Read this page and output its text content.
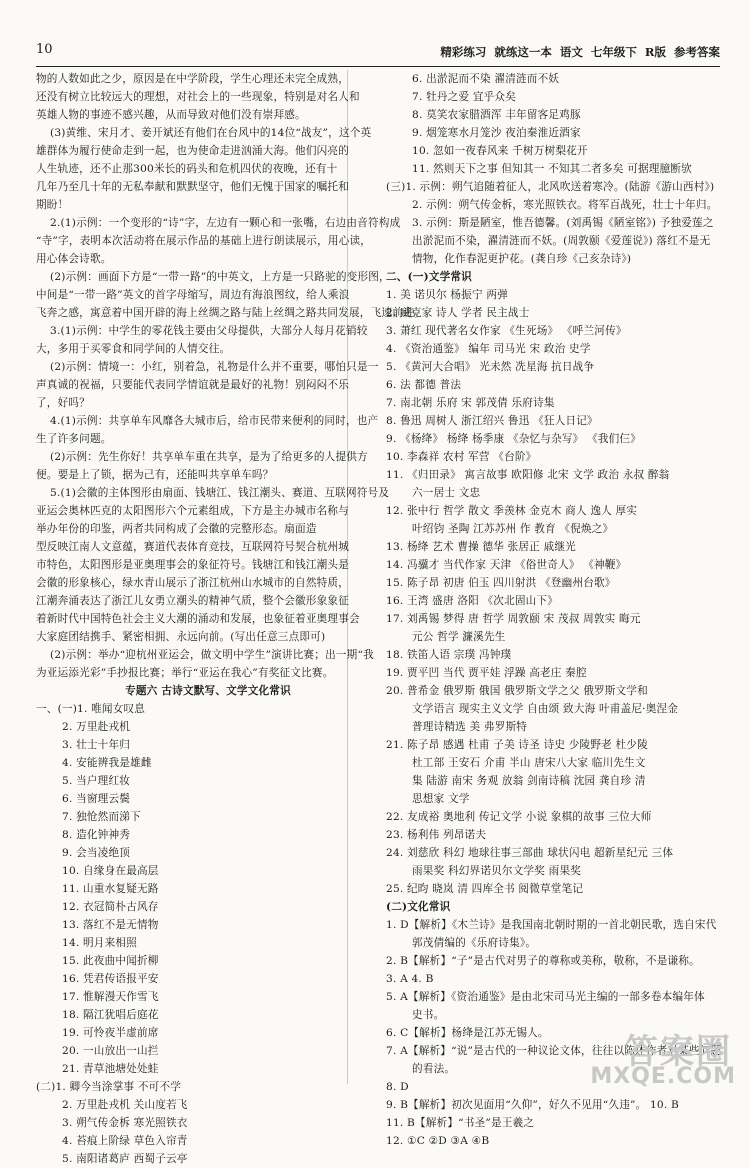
10	精彩练习 就练这一本 语文 七年级下 R版 参考答案
物的人数如此之少，原因是在中学阶段，学生心理还未完全成熟，
还没有树立比较远大的理想，对社会上的一些现象，特别是对名人和
英雄人物的事迹不感兴趣，从而导致对他们没有崇拜感。
(3)黄维、宋月才、姜开斌还有他们在台风中的14位“战友”，这个英
雄群体为履行使命走到一起，也为使命走进汹涌大海。他们闪亮的
人生轨迹，还不止那300米长的码头和危机四伏的夜晚，还有十
几年乃至几十年的无私奉献和默默坚守，他们无愧于国家的嘱托和
期盼！
2.(1)示例：一个变形的“诗”字，左边有一颗心和一张嘴，右边由音符构成
“寺”字，表明本次活动将在展示作品的基础上进行朗读展示，用心读，
用心体会诗歌。
(2)示例：画面下方是“一带一路”的中英文，上方是一只路驼的变形图，
中间是“一带一路”英文的首字母缩写，周边有海浪图纹，给人乘浪
飞奔之感，寓意着中国开辟的海上丝绸之路与陆上丝绸之路共同发展，飞速前进。
3.(1)示例：中学生的零花钱主要由父母提供，大部分人每月花销较
大，多用于买零食和同学间的人情交往。
(2)示例：情境一：小红，别着急，礼物是什么并不重要，哪怕只是一
声真诚的祝福，只要能代表同学情谊就是最好的礼物！别闷闷不乐
了，好吗？
4.(1)示例：共享单车风靡各大城市后，给市民带来便利的同时，也产
生了许多问题。
(2)示例：先生你好！共享单车重在共享，是为了给更多的人提供方
便。要是上了锁，据为己有，还能叫共享单车吗？
5.(1)会徽的主体图形由扇面、钱塘江、钱江潮头、赛道、互联网符号及
亚运会奥林匹克的太阳图形六个元素组成，下方是主办城市名称与
举办年份的印鉴，两者共同构成了会徽的完整形态。扇面造
型反映江南人文意蕴，赛道代表体育竞技，互联网符号契合杭州城
市特色，太阳图形是亚奥理事会的象征符号。钱塘江和钱江潮头是
会徽的形象核心，绿水青山展示了浙江杭州山水城市的自然特质，
江潮奔涌表达了浙江儿女勇立潮头的精神气质，整个会徽形象象征
着新时代中国特色社会主义大潮的涌动和发展，也象征着亚奥理事会
大家庭团结携手、紧密相拥、永远向前。(写出任意三点即可)
(2)示例：举办“迎杭州亚运会，做文明中学生”演讲比赛；出一期“我
为亚运添光彩”手抄报比赛；举行“亚运在我心”有奖征文比赛。
专题六 古诗文默写、文学文化常识
一、(一)1. 唯闻女叹息
2. 万里赴戎机
3. 壮士十年归
4. 安能辨我是雄雌
5. 当户理红妆
6. 当窗理云鬓
7. 独怆然而涕下
8. 造化钟神秀
9. 会当凌绝顶
10. 自缘身在最高层
11. 山重水复疑无路
12. 衣冠简朴古风存
13. 落红不是无情物
14. 明月来相照
15. 此夜曲中闻折柳
16. 凭君传语报平安
17. 惟解漫天作雪飞
18. 隔江犹唱后庭花
19. 可怜夜半虚前席
20. 一山放出一山拦
21. 青草池塘处处蛙
(二)1. 卿今当涂掌事 不可不学
2. 万里赴戎机 关山度若飞
3. 朔气传金柝 寒光照铁衣
4. 苔痕上阶绿 草色入帘青
5. 南阳诸葛庐 西蜀子云亭
6. 出淤泥而不染 濯清涟而不妖
7. 牡丹之爱 宜乎众矣
8. 莫笑农家腊酒浑 丰年留客足鸡豚
9. 烟笼寒水月笼沙 夜泊秦淮近酒家
10. 忽如一夜春风来 千树万树梨花开
11. 然则天下之事 但知其一 不知其二者多矣 可据理臆断欤
(三)1. 示例：朔气追随着征人，北风吹送着寒冷。(陆游《游山西村》)
2. 示例：朔气传金柝，寒光照铁衣。将军百战死，壮士十年归。
3. 示例：斯是陋室，惟吾德馨。(刘禹锡《陋室铭》) 予独爱莲之
出淤泥而不染，濯清涟而不妖。(周敦颐《爱莲说》) 落红不是无
情物，化作春泥更护花。(龚自珍《己亥杂诗》)
二、(一)文学常识
1. 美 诺贝尔 杨振宁 两弹
2. 臧克家 诗人 学者 民主战士
3. 萧红 现代著名女作家 《生死场》 《呼兰河传》
4. 《资治通鉴》 编年 司马光 宋 政治 史学
5. 《黄河大合唱》 光未然 冼星海 抗日战争
6. 法 都德 普法
7. 南北朝 乐府 宋 郭茂倩 乐府诗集
8. 鲁迅 周树人 浙江绍兴 鲁迅 《狂人日记》
9. 《杨绛》 杨绛 杨季康 《杂忆与杂写》 《我们仨》
10. 李森祥 农村 军营 《台阶》
11. 《归田录》 寓言故事 欧阳修 北宋 文学 政治 永叔 醉翁
六一居士 文忠
12. 张中行 哲学 散文 季羡林 金克木 商人 逸人 厚实
叶绍钧 圣陶 江苏苏州 作 教育 《倪焕之》
13. 杨绛 艺术 曹操 德华 张居正 戚继光
14. 冯骥才 当代作家 天津 《俗世奇人》 《神鞭》
15. 陈子昂 初唐 伯玉 四川射洪 《登幽州台歌》
16. 王湾 盛唐 洛阳 《次北固山下》
17. 刘禹锡 梦得 唐 哲学 周敦颐 宋 茂叔 周敦实 晦元
元公 哲学 濂溪先生
18. 铁笛人语 宗璞 冯钟璞
19. 贾平凹 当代 贾平娃 浮躁 高老庄 秦腔
20. 普希金 俄罗斯 俄国 俄罗斯文学之父 俄罗斯文学和
文学语言 现实主义文学 自由颂 致大海 叶甫盖尼·奥涅金
普理诗精选 美 弗罗斯特
21. 陈子昂 感遇 杜甫 子美 诗圣 诗史 少陵野老 杜少陵
杜工部 王安石 介甫 半山 唐宋八大家 临川先生文
集 陆游 南宋 务观 放翁 剑南诗稿 沈园 龚自珍 清
思想家 文学
22. 友成裕 奥地利 传记文学 小说 象棋的故事 三位大师
23. 杨利伟 列昂诺夫
24. 刘慈欣 科幻 地球往事三部曲 球状闪电 超新星纪元 三体
雨果奖 科幻界诺贝尔文学奖 雨果奖
25. 纪昀 晓岚 清 四库全书 阅微草堂笔记
(二)文化常识
1. D【解析】《木兰诗》是我国南北朝时期的一首北朝民歌，选自宋代
郭茂倩编的《乐府诗集》。
2. B【解析】“子”是古代对男子的尊称或美称，敬称，不是谦称。
3. A 4. B
5. A【解析】《资治通鉴》是由北宋司马光主编的一部多卷本编年体
史书。
6. C【解析】杨绛是江苏无锡人。
7. A【解析】“说”是古代的一种议论文体，往往以陈述作者对某些问题
的看法。
8. D
9. B【解析】初次见面用“久仰”，好久不见用“久违”。 10. B
11. B【解析】“书圣”是王羲之
12. ①C ②D ③A ④B
答案圈
MXQE.COM
